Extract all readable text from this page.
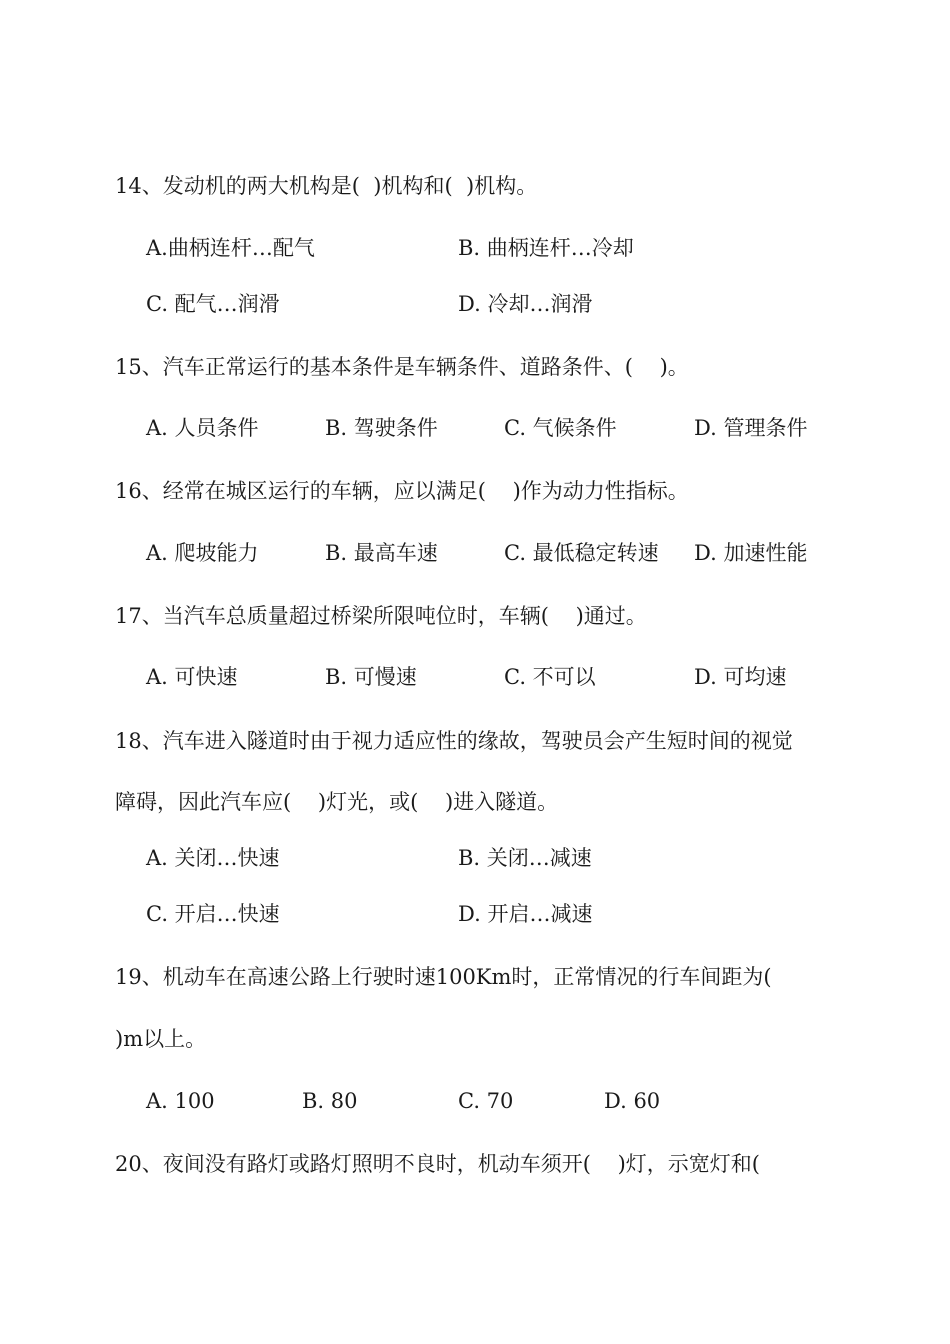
14、发动机的两大机构是(  )机构和(  )机构。
A.曲柄连杆…配气	B. 曲柄连杆…冷却
C. 配气…润滑	D. 冷却…润滑
15、汽车正常运行的基本条件是车辆条件、道路条件、(    )。
A. 人员条件	B. 驾驶条件	C. 气候条件	D. 管理条件
16、经常在城区运行的车辆，应以满足(    )作为动力性指标。
A. 爬坡能力	B. 最高车速	C. 最低稳定转速 D. 加速性能
17、当汽车总质量超过桥梁所限吨位时，车辆(    )通过。
A. 可快速	B. 可慢速	C. 不可以	D. 可均速
18、汽车进入隧道时由于视力适应性的缘故，驾驶员会产生短时间的视觉
障碍，因此汽车应(    )灯光，或(    )进入隧道。
A. 关闭…快速	B. 关闭…减速
C. 开启…快速	D. 开启…减速
19、机动车在高速公路上行驶时速100Km时，正常情况的行车间距为(
)m以上。
A. 100	B. 80	C. 70	D. 60
20、夜间没有路灯或路灯照明不良时，机动车须开(    )灯，示宽灯和(
